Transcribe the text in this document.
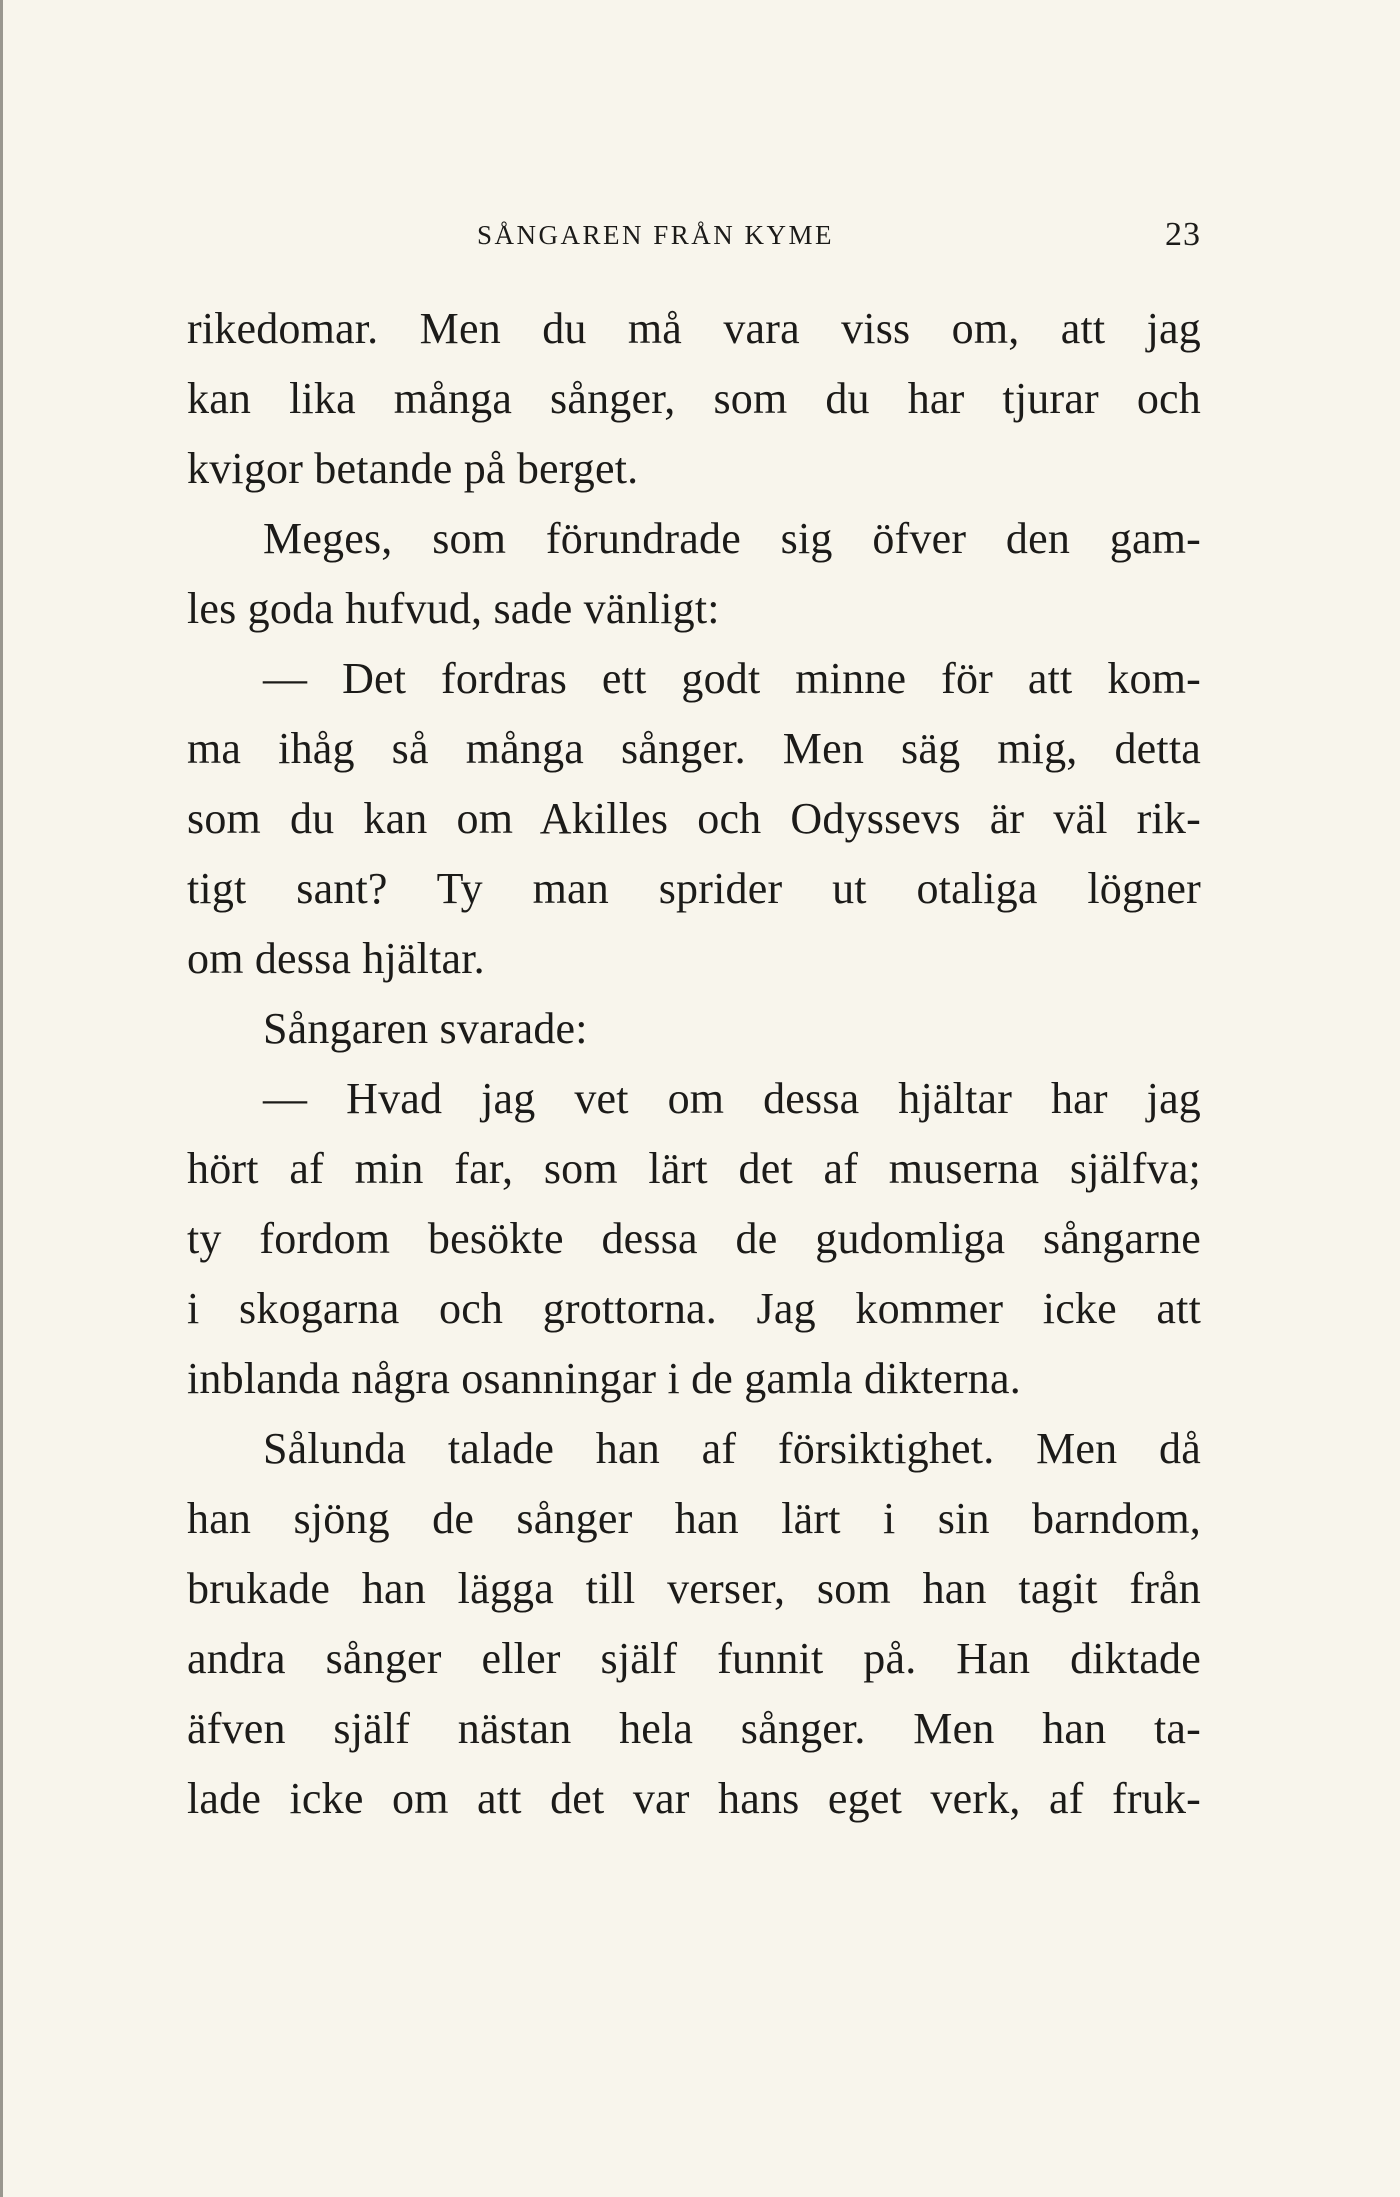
SÅNGAREN FRÅN KYME	23
rikedomar. Men du må vara viss om, att jag
kan lika många sånger, som du har tjurar och
kvigor betande på berget.
Meges, som förundrade sig öfver den gam-
les goda hufvud, sade vänligt:
— Det fordras ett godt minne för att kom-
ma ihåg så många sånger. Men säg mig, detta
som du kan om Akilles och Odyssevs är väl rik-
tigt sant? Ty man sprider ut otaliga lögner
om dessa hjältar.
Sångaren svarade:
— Hvad jag vet om dessa hjältar har jag
hört af min far, som lärt det af muserna själfva;
ty fordom besökte dessa de gudomliga sångarne
i skogarna och grottorna. Jag kommer icke att
inblanda några osanningar i de gamla dikterna.
Sålunda talade han af försiktighet. Men då
han sjöng de sånger han lärt i sin barndom,
brukade han lägga till verser, som han tagit från
andra sånger eller själf funnit på. Han diktade
äfven själf nästan hela sånger. Men han ta-
lade icke om att det var hans eget verk, af fruk-
